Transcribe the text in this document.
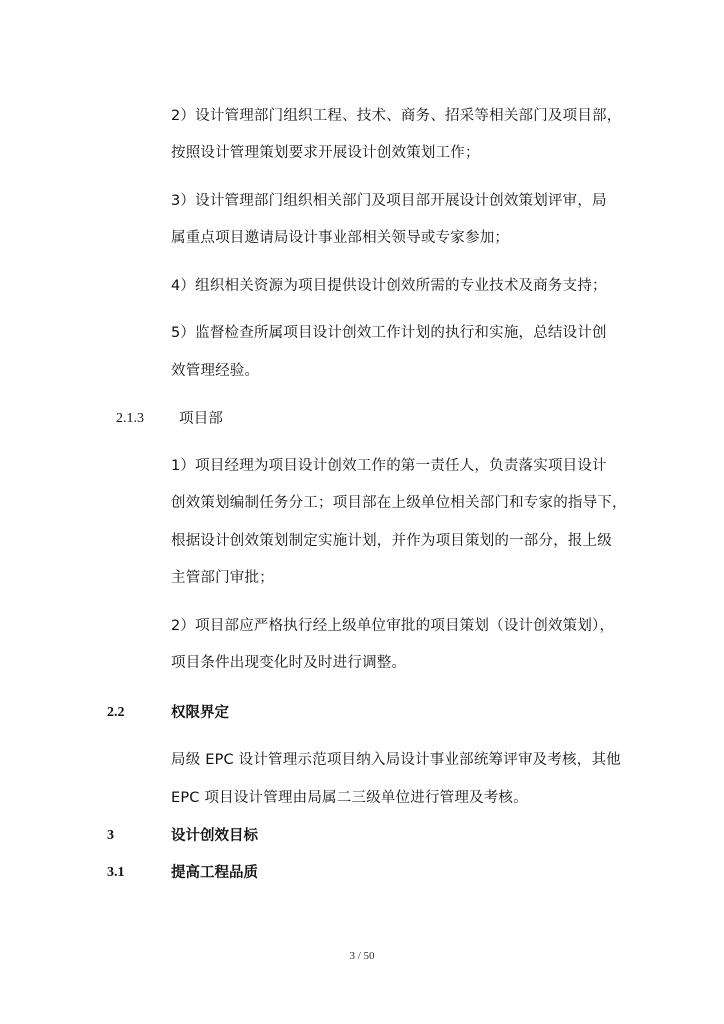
2）设计管理部门组织工程、技术、商务、招采等相关部门及项目部，
按照设计管理策划要求开展设计创效策划工作；
3）设计管理部门组织相关部门及项目部开展设计创效策划评审，局
属重点项目邀请局设计事业部相关领导或专家参加；
4）组织相关资源为项目提供设计创效所需的专业技术及商务支持；
5）监督检查所属项目设计创效工作计划的执行和实施，总结设计创
效管理经验。
2.1.3 项目部
1）项目经理为项目设计创效工作的第一责任人，负责落实项目设计
创效策划编制任务分工；项目部在上级单位相关部门和专家的指导下，
根据设计创效策划制定实施计划，并作为项目策划的一部分，报上级
主管部门审批；
2）项目部应严格执行经上级单位审批的项目策划（设计创效策划），
项目条件出现变化时及时进行调整。
2.2	权限界定
局级 EPC 设计管理示范项目纳入局设计事业部统筹评审及考核，其他
EPC 项目设计管理由局属二三级单位进行管理及考核。
3	设计创效目标
3.1	提高工程品质
3 / 50
